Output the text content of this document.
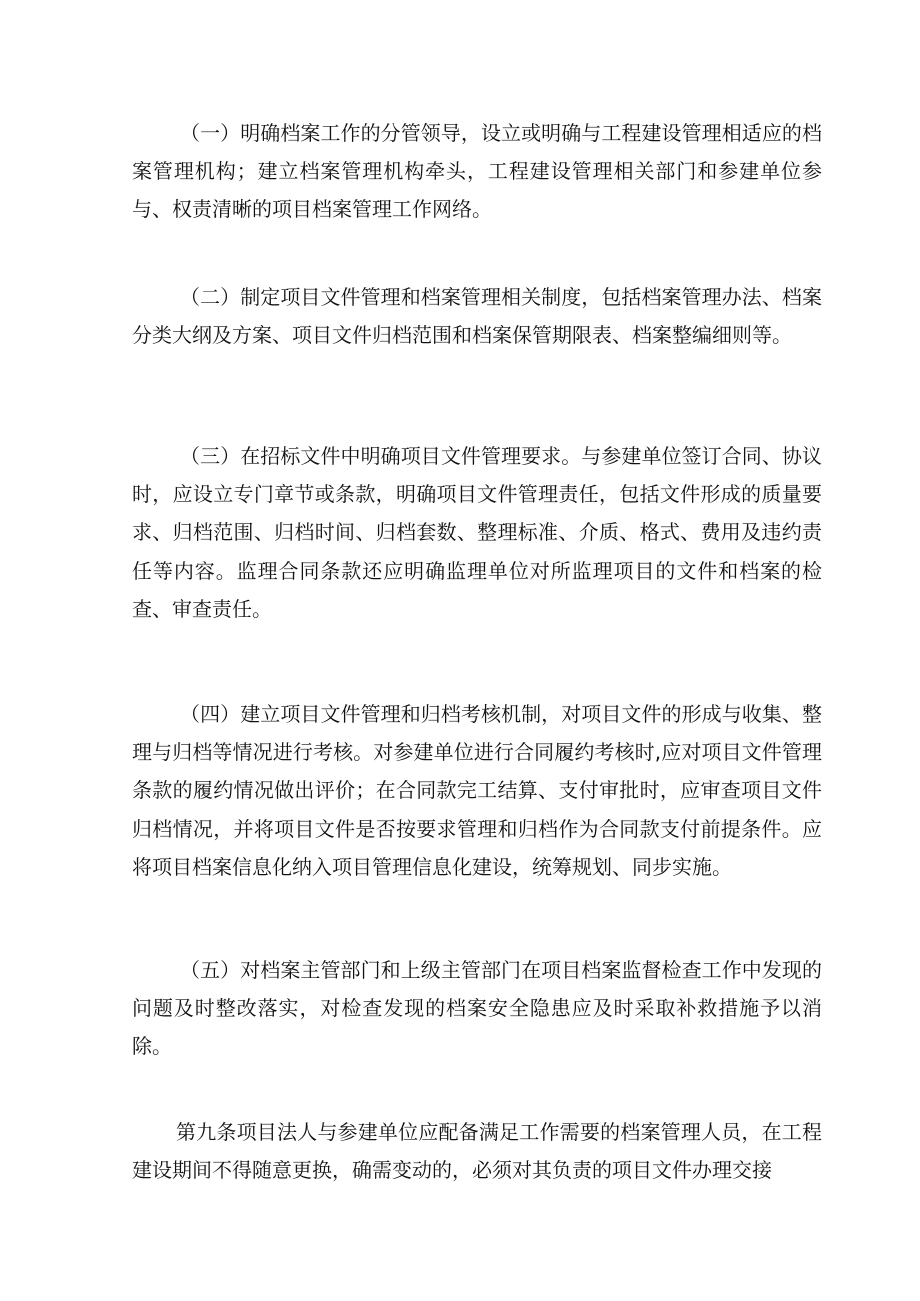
（一）明确档案工作的分管领导，设立或明确与工程建设管理相适应的档案管理机构；建立档案管理机构牵头，工程建设管理相关部门和参建单位参与、权责清晰的项目档案管理工作网络。

（二）制定项目文件管理和档案管理相关制度，包括档案管理办法、档案分类大纲及方案、项目文件归档范围和档案保管期限表、档案整编细则等。

（三）在招标文件中明确项目文件管理要求。与参建单位签订合同、协议时，应设立专门章节或条款，明确项目文件管理责任，包括文件形成的质量要求、归档范围、归档时间、归档套数、整理标准、介质、格式、费用及违约责任等内容。监理合同条款还应明确监理单位对所监理项目的文件和档案的检查、审查责任。

（四）建立项目文件管理和归档考核机制，对项目文件的形成与收集、整理与归档等情况进行考核。对参建单位进行合同履约考核时,应对项目文件管理条款的履约情况做出评价；在合同款完工结算、支付审批时，应审查项目文件归档情况，并将项目文件是否按要求管理和归档作为合同款支付前提条件。应将项目档案信息化纳入项目管理信息化建设，统筹规划、同步实施。

（五）对档案主管部门和上级主管部门在项目档案监督检查工作中发现的问题及时整改落实，对检查发现的档案安全隐患应及时采取补救措施予以消除。

第九条项目法人与参建单位应配备满足工作需要的档案管理人员，在工程建设期间不得随意更换，确需变动的，必须对其负责的项目文件办理交接
